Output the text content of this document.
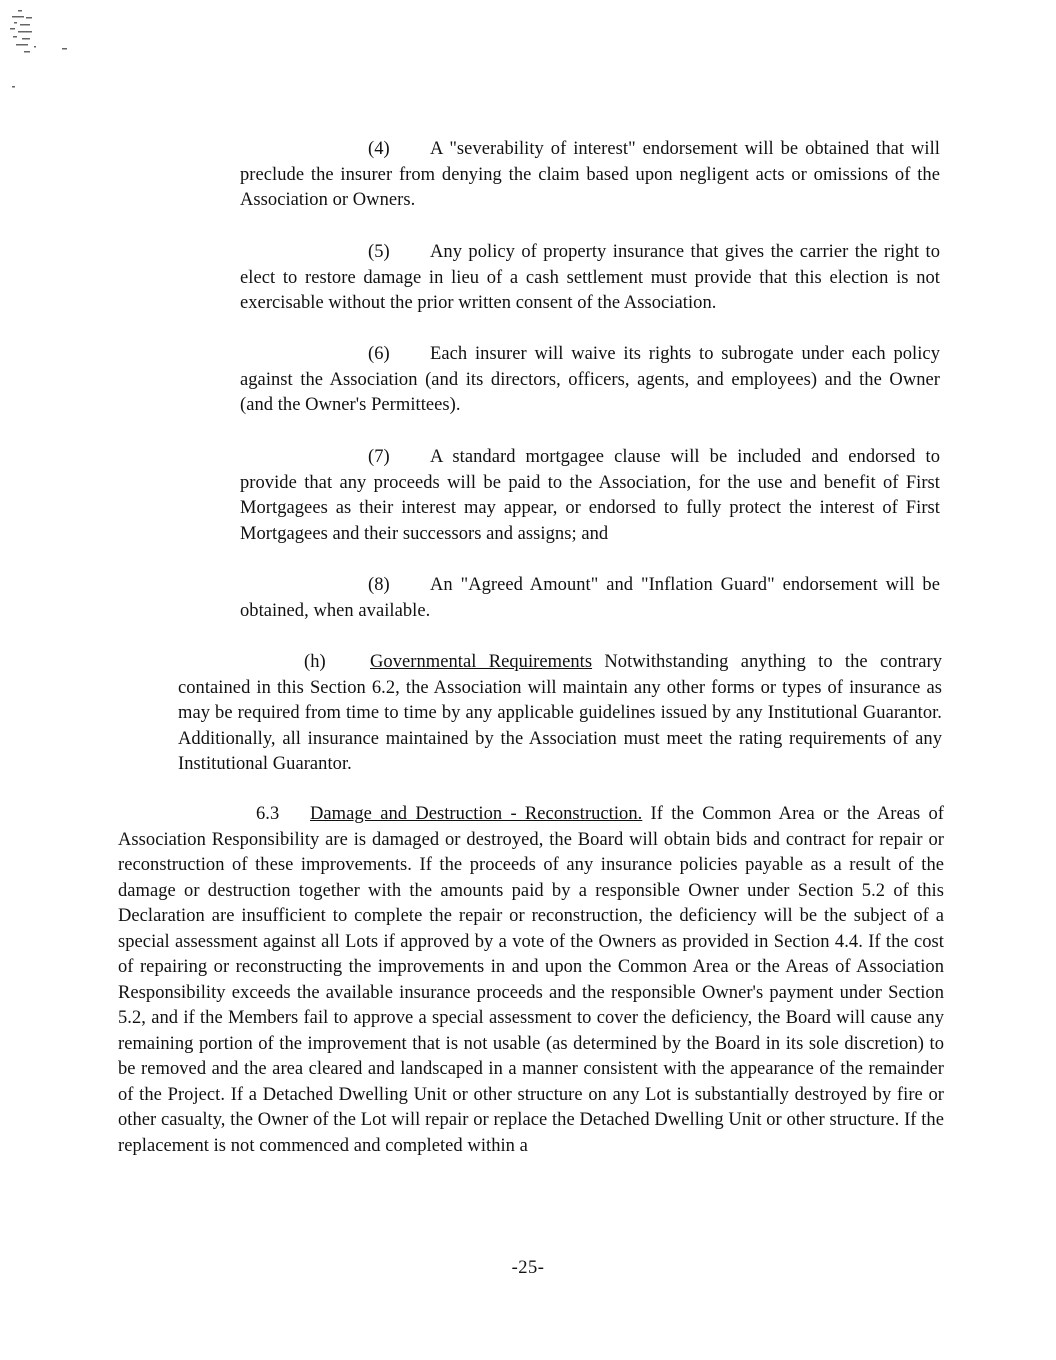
(4) A "severability of interest" endorsement will be obtained that will preclude the insurer from denying the claim based upon negligent acts or omissions of the Association or Owners.

(5) Any policy of property insurance that gives the carrier the right to elect to restore damage in lieu of a cash settlement must provide that this election is not exercisable without the prior written consent of the Association.

(6) Each insurer will waive its rights to subrogate under each policy against the Association (and its directors, officers, agents, and employees) and the Owner (and the Owner's Permittees).

(7) A standard mortgagee clause will be included and endorsed to provide that any proceeds will be paid to the Association, for the use and benefit of First Mortgagees as their interest may appear, or endorsed to fully protect the interest of First Mortgagees and their successors and assigns; and

(8) An "Agreed Amount" and "Inflation Guard" endorsement will be obtained, when available.

(h) Governmental Requirements Notwithstanding anything to the contrary contained in this Section 6.2, the Association will maintain any other forms or types of insurance as may be required from time to time by any applicable guidelines issued by any Institutional Guarantor. Additionally, all insurance maintained by the Association must meet the rating requirements of any Institutional Guarantor.

6.3 Damage and Destruction - Reconstruction. If the Common Area or the Areas of Association Responsibility are is damaged or destroyed, the Board will obtain bids and contract for repair or reconstruction of these improvements. If the proceeds of any insurance policies payable as a result of the damage or destruction together with the amounts paid by a responsible Owner under Section 5.2 of this Declaration are insufficient to complete the repair or reconstruction, the deficiency will be the subject of a special assessment against all Lots if approved by a vote of the Owners as provided in Section 4.4. If the cost of repairing or reconstructing the improvements in and upon the Common Area or the Areas of Association Responsibility exceeds the available insurance proceeds and the responsible Owner's payment under Section 5.2, and if the Members fail to approve a special assessment to cover the deficiency, the Board will cause any remaining portion of the improvement that is not usable (as determined by the Board in its sole discretion) to be removed and the area cleared and landscaped in a manner consistent with the appearance of the remainder of the Project. If a Detached Dwelling Unit or other structure on any Lot is substantially destroyed by fire or other casualty, the Owner of the Lot will repair or replace the Detached Dwelling Unit or other structure. If the replacement is not commenced and completed within a

-25-
